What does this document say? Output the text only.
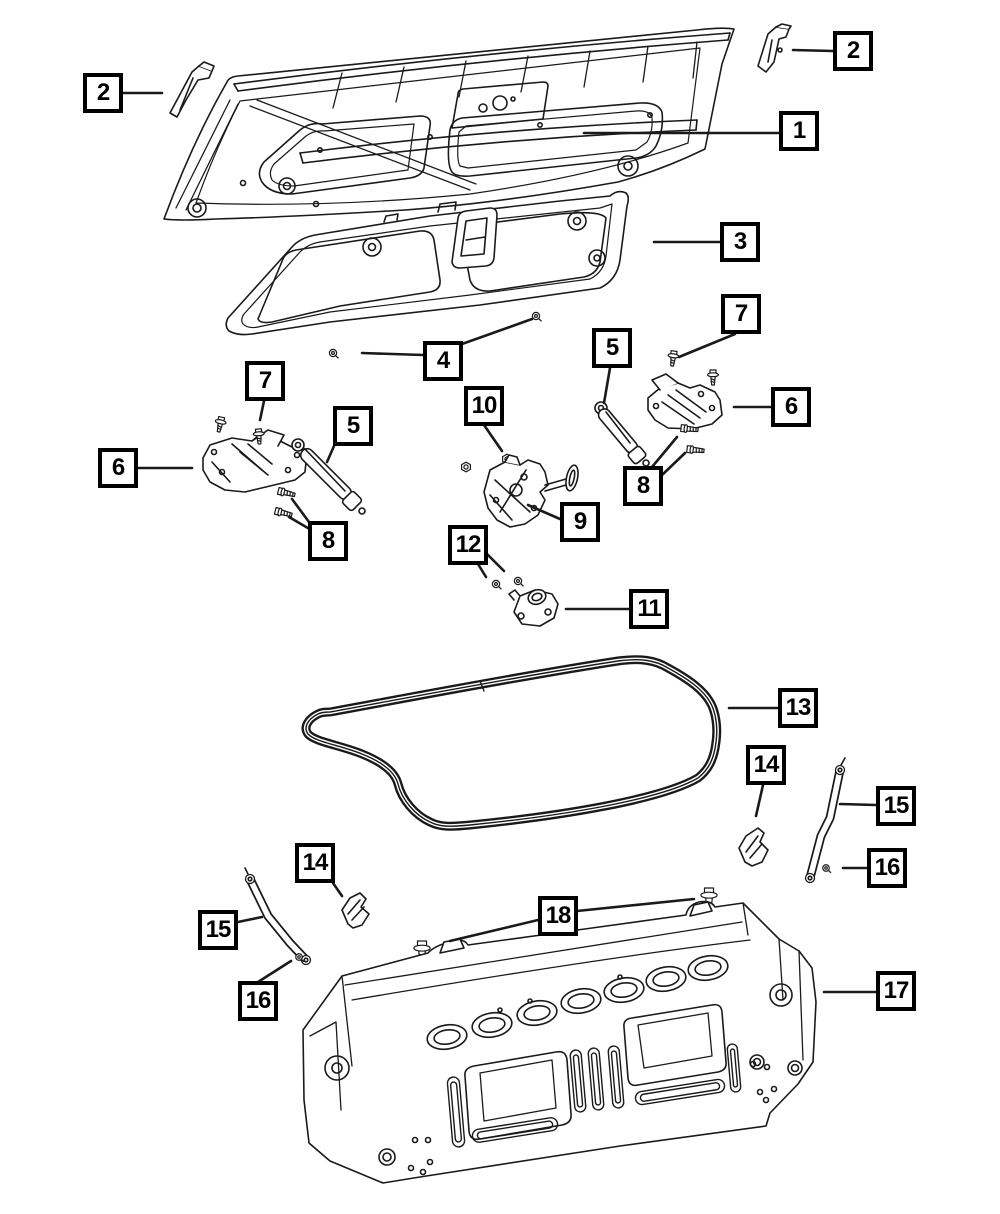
2
2
1
3
4
7
5
6
7
5
10
6
8
9
8	12
11
13
14
15
16
14
15
16
18
17
